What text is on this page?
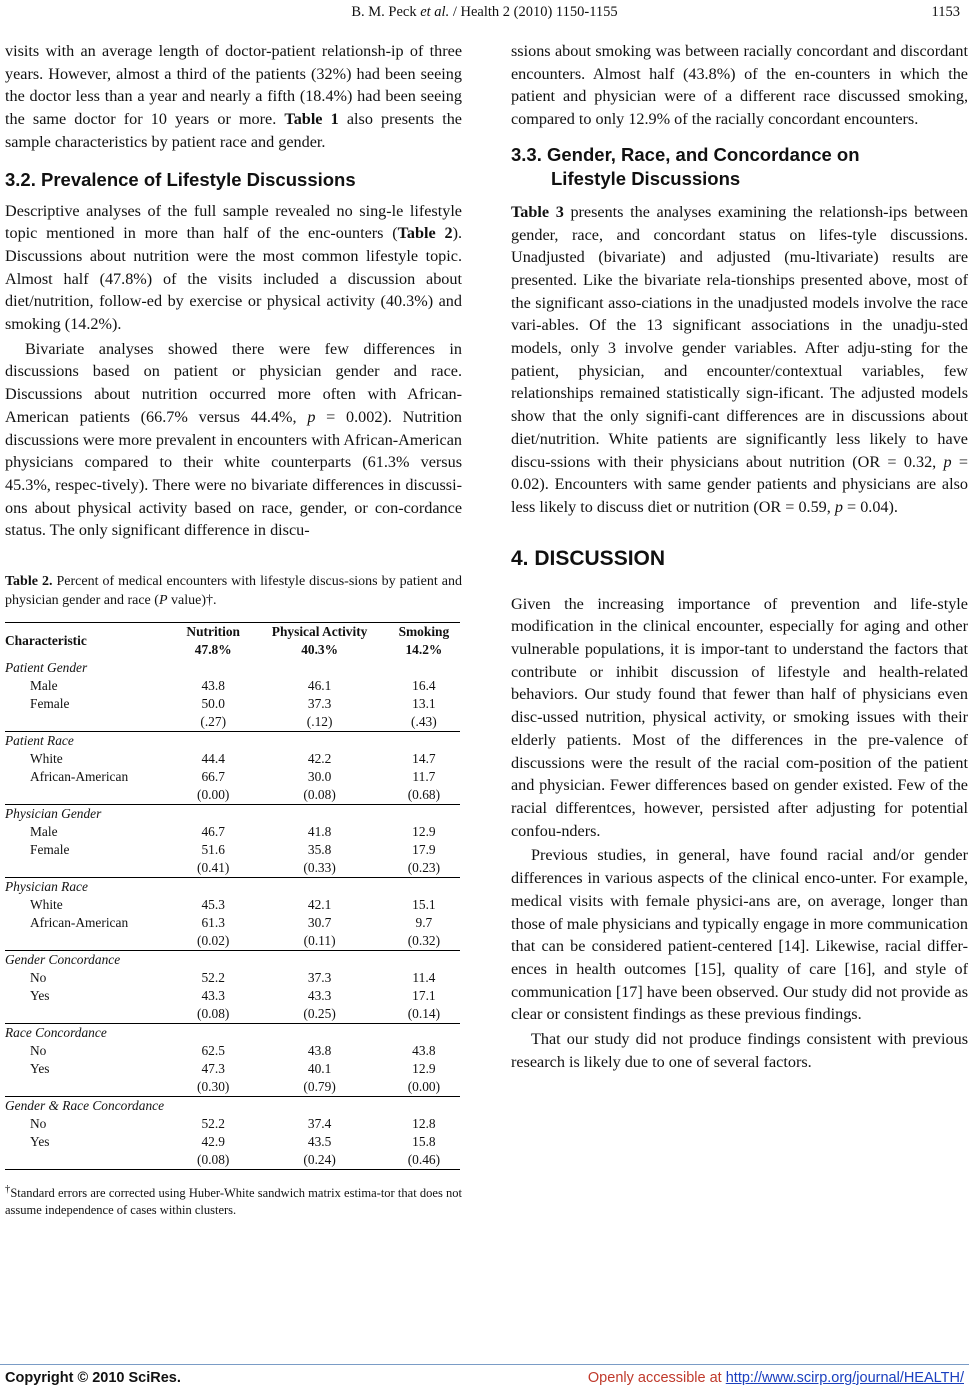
B. M. Peck et al. / Health 2 (2010) 1150-1155	1153

visits with an average length of doctor-patient relationsh-ip of three years. However, almost a third of the patients (32%) had been seeing the doctor less than a year and nearly a fifth (18.4%) had been seeing the same doctor for 10 years or more. Table 1 also presents the sample characteristics by patient race and gender.

3.2. Prevalence of Lifestyle Discussions

Descriptive analyses of the full sample revealed no sing-le lifestyle topic mentioned in more than half of the enc-ounters (Table 2). Discussions about nutrition were the most common lifestyle topic. Almost half (47.8%) of the visits included a discussion about diet/nutrition, follow-ed by exercise or physical activity (40.3%) and smoking (14.2%).

Bivariate analyses showed there were few differences in discussions based on patient or physician gender and race. Discussions about nutrition occurred more often with African-American patients (66.7% versus 44.4%, p = 0.002). Nutrition discussions were more prevalent in encounters with African-American physicians compared to their white counterparts (61.3% versus 45.3%, respec-tively). There were no bivariate differences in discussi-ons about physical activity based on race, gender, or con-cordance status. The only significant difference in discu-

Table 2. Percent of medical encounters with lifestyle discus-sions by patient and physician gender and race (P value)†.
Characteristic	Nutrition	Physical Activity	Smoking
	47.8%	40.3%	14.2%
Patient Gender			
Male	43.8	46.1	16.4
Female	50.0	37.3	13.1
	(.27)	(.12)	(.43)
Patient Race			
White	44.4	42.2	14.7
African-American	66.7	30.0	11.7
	(0.00)	(0.08)	(0.68)
Physician Gender			
Male	46.7	41.8	12.9
Female	51.6	35.8	17.9
	(0.41)	(0.33)	(0.23)
Physician Race			
White	45.3	42.1	15.1
African-American	61.3	30.7	9.7
	(0.02)	(0.11)	(0.32)
Gender Concordance			
No	52.2	37.3	11.4
Yes	43.3	43.3	17.1
	(0.08)	(0.25)	(0.14)
Race Concordance			
No	62.5	43.8	43.8
Yes	47.3	40.1	12.9
	(0.30)	(0.79)	(0.00)
Gender & Race Concordance			
No	52.2	37.4	12.8
Yes	42.9	43.5	15.8
	(0.08)	(0.24)	(0.46)
†Standard errors are corrected using Huber-White sandwich matrix estima-tor that does not assume independence of cases within clusters.

ssions about smoking was between racially concordant and discordant encounters. Almost half (43.8%) of the en-counters in which the patient and physician were of a different race discussed smoking, compared to only 12.9% of the racially concordant encounters.

3.3. Gender, Race, and Concordance on
Lifestyle Discussions

Table 3 presents the analyses examining the relationsh-ips between gender, race, and concordant status on lifes-tyle discussions. Unadjusted (bivariate) and adjusted (mu-ltivariate) results are presented. Like the bivariate rela-tionships presented above, most of the significant asso-ciations in the unadjusted models involve the race vari-ables. Of the 13 significant associations in the unadju-sted models, only 3 involve gender variables. After adju-sting for the patient, physician, and encounter/contextual variables, few relationships remained statistically sign-ificant. The adjusted models show that the only signifi-cant differences are in discussions about diet/nutrition. White patients are significantly less likely to have discu-ssions with their physicians about nutrition (OR = 0.32, p = 0.02). Encounters with same gender patients and physicians are also less likely to discuss diet or nutrition (OR = 0.59, p = 0.04).

4. DISCUSSION

Given the increasing importance of prevention and life-style modification in the clinical encounter, especially for aging and other vulnerable populations, it is impor-tant to understand the factors that contribute or inhibit discussion of lifestyle and health-related behaviors. Our study found that fewer than half of physicians even disc-ussed nutrition, physical activity, or smoking issues with their elderly patients. Most of the differences in the pre-valence of discussions were the result of the racial com-position of the patient and physician. Fewer differences based on gender existed. Few of the racial differentces, however, persisted after adjusting for potential confou-nders.

Previous studies, in general, have found racial and/or gender differences in various aspects of the clinical enco-unter. For example, medical visits with female physici-ans are, on average, longer than those of male physicians and typically engage in more communication that can be considered patient-centered [14]. Likewise, racial differ-ences in health outcomes [15], quality of care [16], and style of communication [17] have been observed. Our study did not provide as clear or consistent findings as these previous findings.

That our study did not produce findings consistent with previous research is likely due to one of several factors.

Copyright © 2010 SciRes.	Openly accessible at http://www.scirp.org/journal/HEALTH/
